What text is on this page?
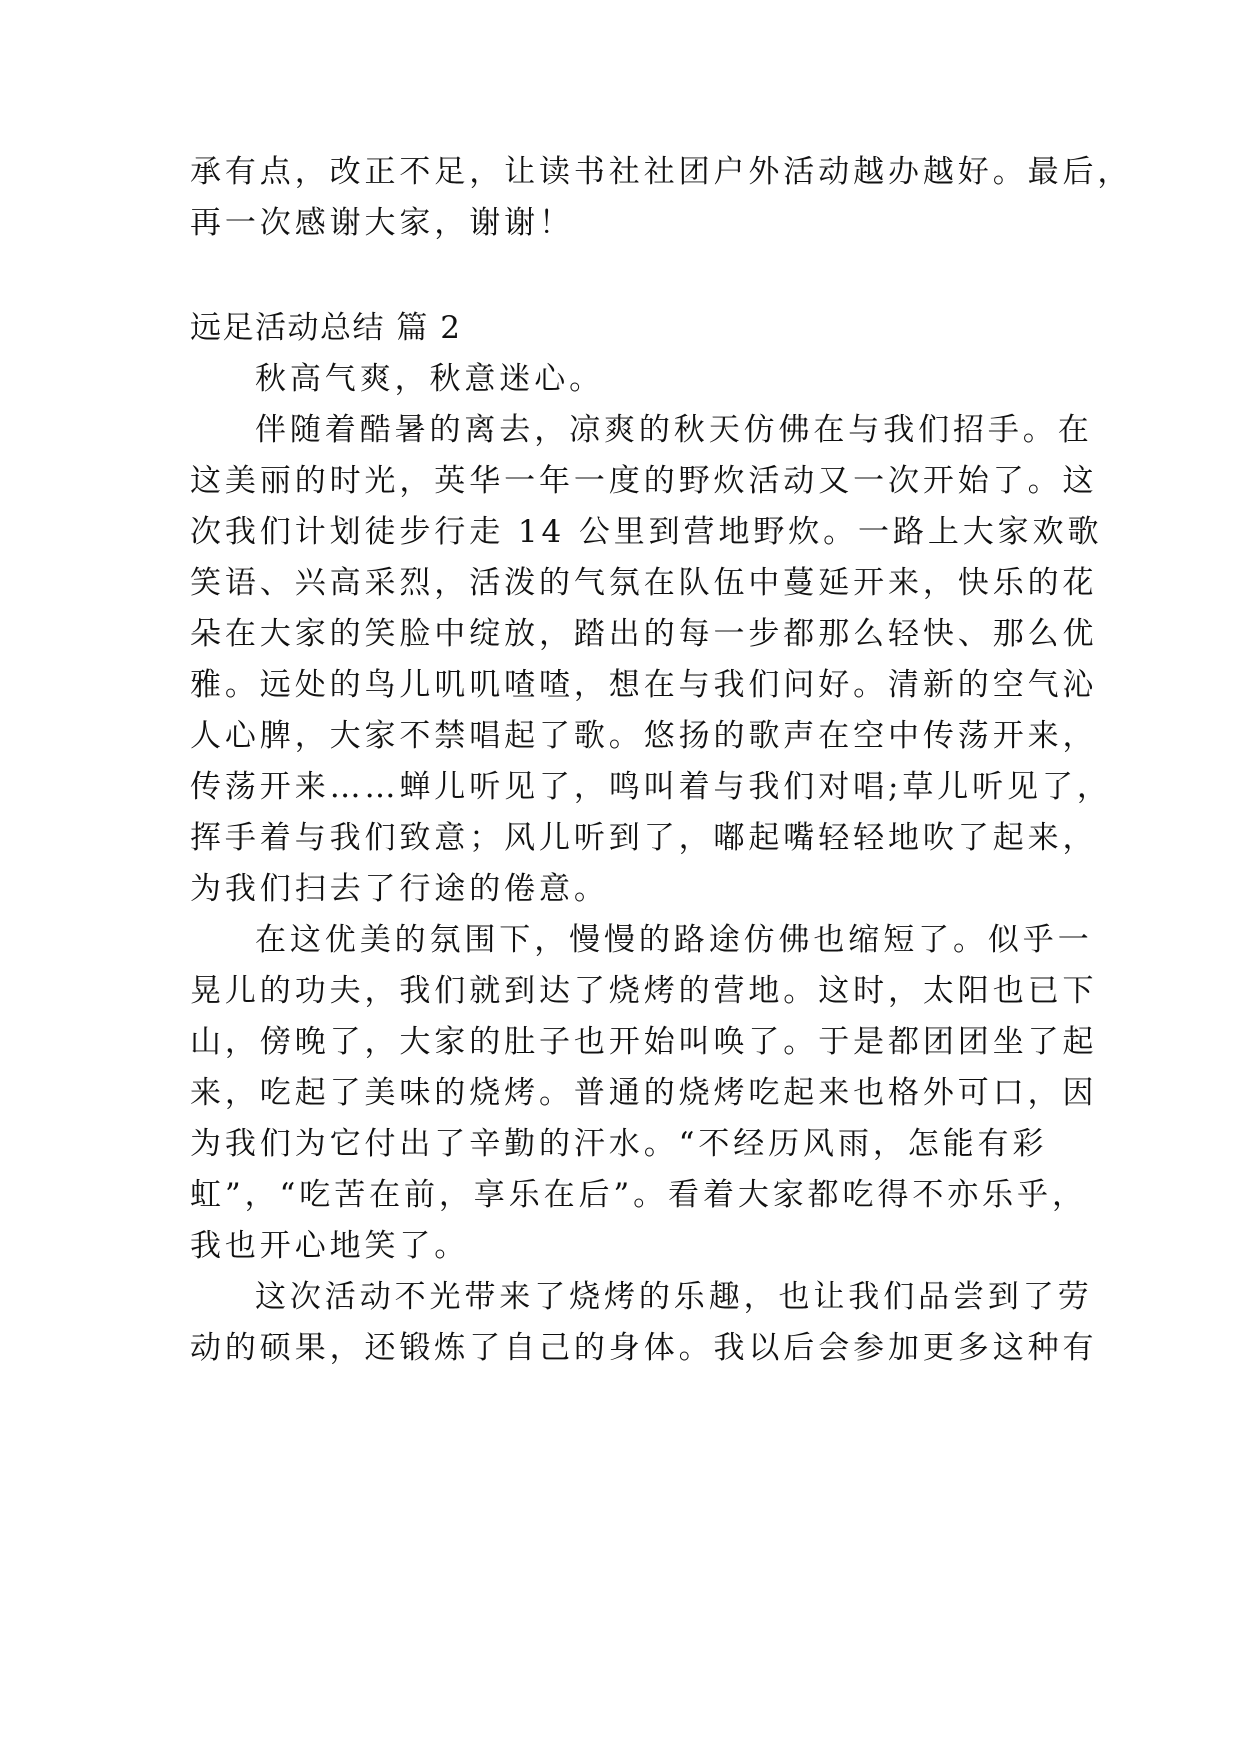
承有点，改正不足，让读书社社团户外活动越办越好。最后，
再一次感谢大家，谢谢！
远足活动总结 篇 2
秋高气爽，秋意迷心。
伴随着酷暑的离去，凉爽的秋天仿佛在与我们招手。在
这美丽的时光，英华一年一度的野炊活动又一次开始了。这
次我们计划徒步行走 14 公里到营地野炊。一路上大家欢歌
笑语、兴高采烈，活泼的气氛在队伍中蔓延开来，快乐的花
朵在大家的笑脸中绽放，踏出的每一步都那么轻快、那么优
雅。远处的鸟儿叽叽喳喳，想在与我们问好。清新的空气沁
人心脾，大家不禁唱起了歌。悠扬的歌声在空中传荡开来，
传荡开来……蝉儿听见了，鸣叫着与我们对唱;草儿听见了，
挥手着与我们致意；风儿听到了，嘟起嘴轻轻地吹了起来，
为我们扫去了行途的倦意。
在这优美的氛围下，慢慢的路途仿佛也缩短了。似乎一
晃儿的功夫，我们就到达了烧烤的营地。这时，太阳也已下
山，傍晚了，大家的肚子也开始叫唤了。于是都团团坐了起
来，吃起了美味的烧烤。普通的烧烤吃起来也格外可口，因
为我们为它付出了辛勤的汗水。“不经历风雨，怎能有彩
虹”，“吃苦在前，享乐在后”。看着大家都吃得不亦乐乎，
我也开心地笑了。
这次活动不光带来了烧烤的乐趣，也让我们品尝到了劳
动的硕果，还锻炼了自己的身体。我以后会参加更多这种有
